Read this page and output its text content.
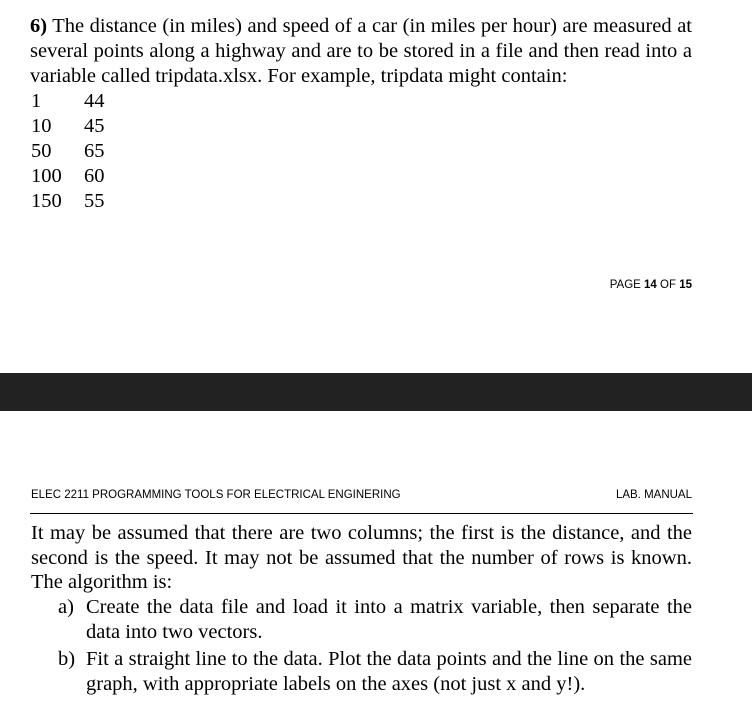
6) The distance (in miles) and speed of a car (in miles per hour) are measured at several points along a highway and are to be stored in a file and then read into a variable called tripdata.xlsx. For example, tripdata might contain:
1	44
10	45
50	65
100	60
150	55
PAGE 14 OF 15
ELEC 2211 PROGRAMMING TOOLS FOR ELECTRICAL ENGINERING	LAB. MANUAL
It may be assumed that there are two columns; the first is the distance, and the second is the speed. It may not be assumed that the number of rows is known. The algorithm is:
a) Create the data file and load it into a matrix variable, then separate the data into two vectors.
b) Fit a straight line to the data. Plot the data points and the line on the same graph, with appropriate labels on the axes (not just x and y!).
